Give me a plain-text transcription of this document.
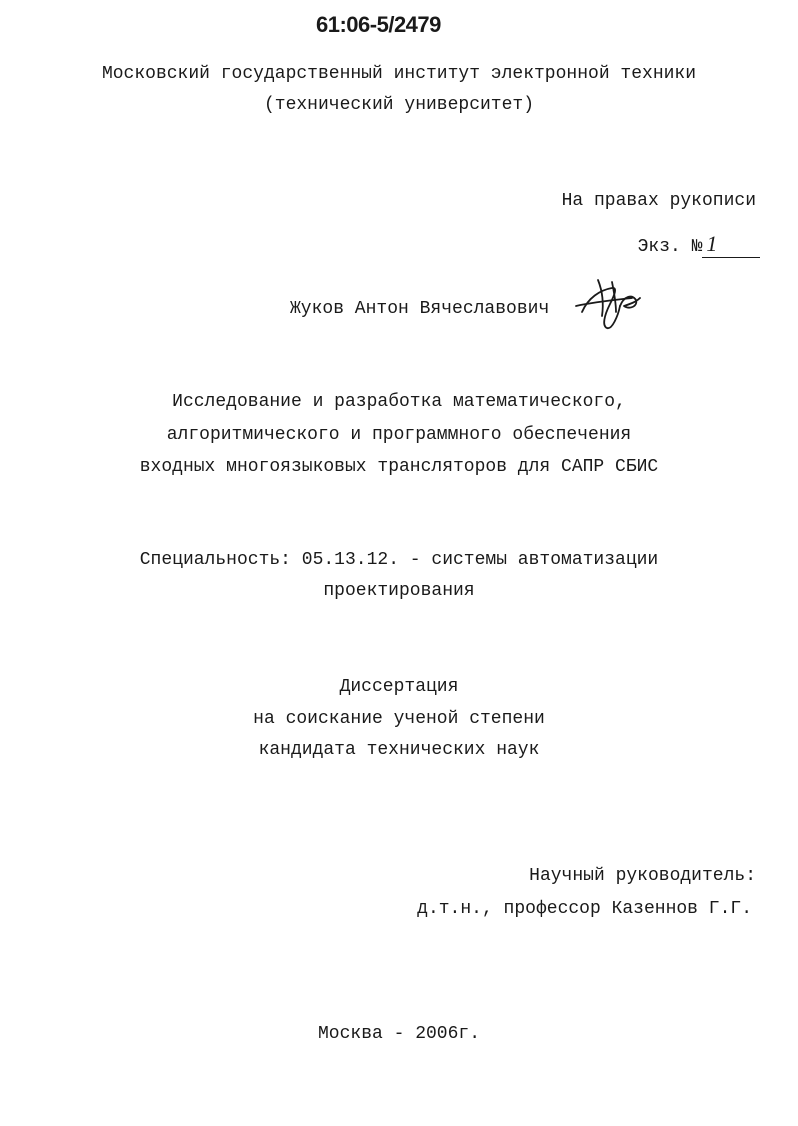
61:06-5/2479
Московский государственный институт электронной техники
(технический университет)
На правах рукописи

Экз. № 1

Жуков Антон Вячеславович
Исследование и разработка математического,
алгоритмического и программного обеспечения
входных многоязыковых трансляторов для САПР СБИС
Специальность: 05.13.12. - системы автоматизации
проектирования
Диссертация
на соискание ученой степени
кандидата технических наук
Научный руководитель:
д.т.н., профессор Казеннов Г.Г.
Москва - 2006г.
